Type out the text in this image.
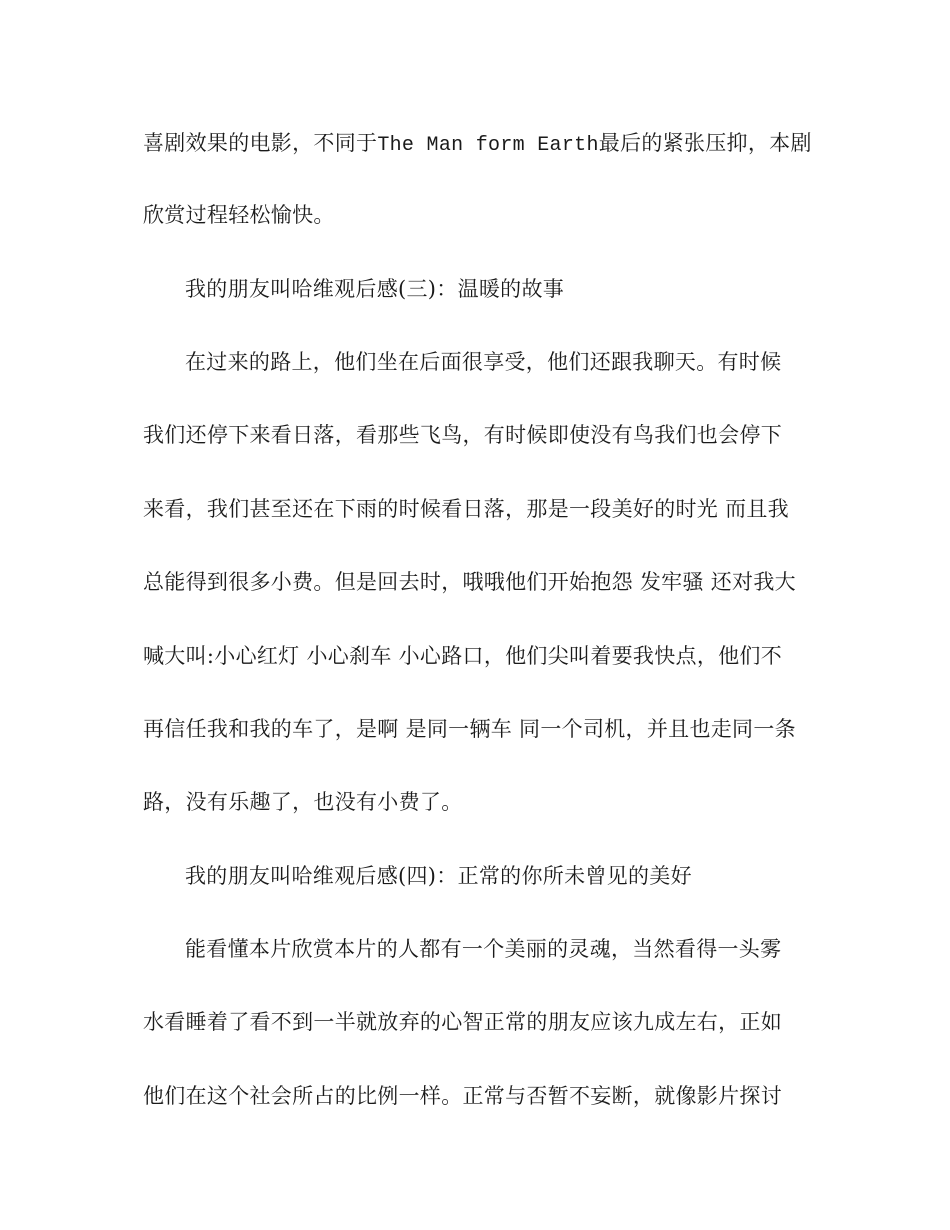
喜剧效果的电影，不同于The Man form Earth最后的紧张压抑，本剧
欣赏过程轻松愉快。
我的朋友叫哈维观后感(三)：温暖的故事
在过来的路上，他们坐在后面很享受，他们还跟我聊天。有时候
我们还停下来看日落，看那些飞鸟，有时候即使没有鸟我们也会停下
来看，我们甚至还在下雨的时候看日落，那是一段美好的时光 而且我
总能得到很多小费。但是回去时，哦哦他们开始抱怨 发牢骚 还对我大
喊大叫:小心红灯 小心刹车 小心路口，他们尖叫着要我快点，他们不
再信任我和我的车了，是啊 是同一辆车 同一个司机，并且也走同一条
路，没有乐趣了，也没有小费了。
我的朋友叫哈维观后感(四)：正常的你所未曾见的美好
能看懂本片欣赏本片的人都有一个美丽的灵魂，当然看得一头雾
水看睡着了看不到一半就放弃的心智正常的朋友应该九成左右，正如
他们在这个社会所占的比例一样。正常与否暂不妄断，就像影片探讨
